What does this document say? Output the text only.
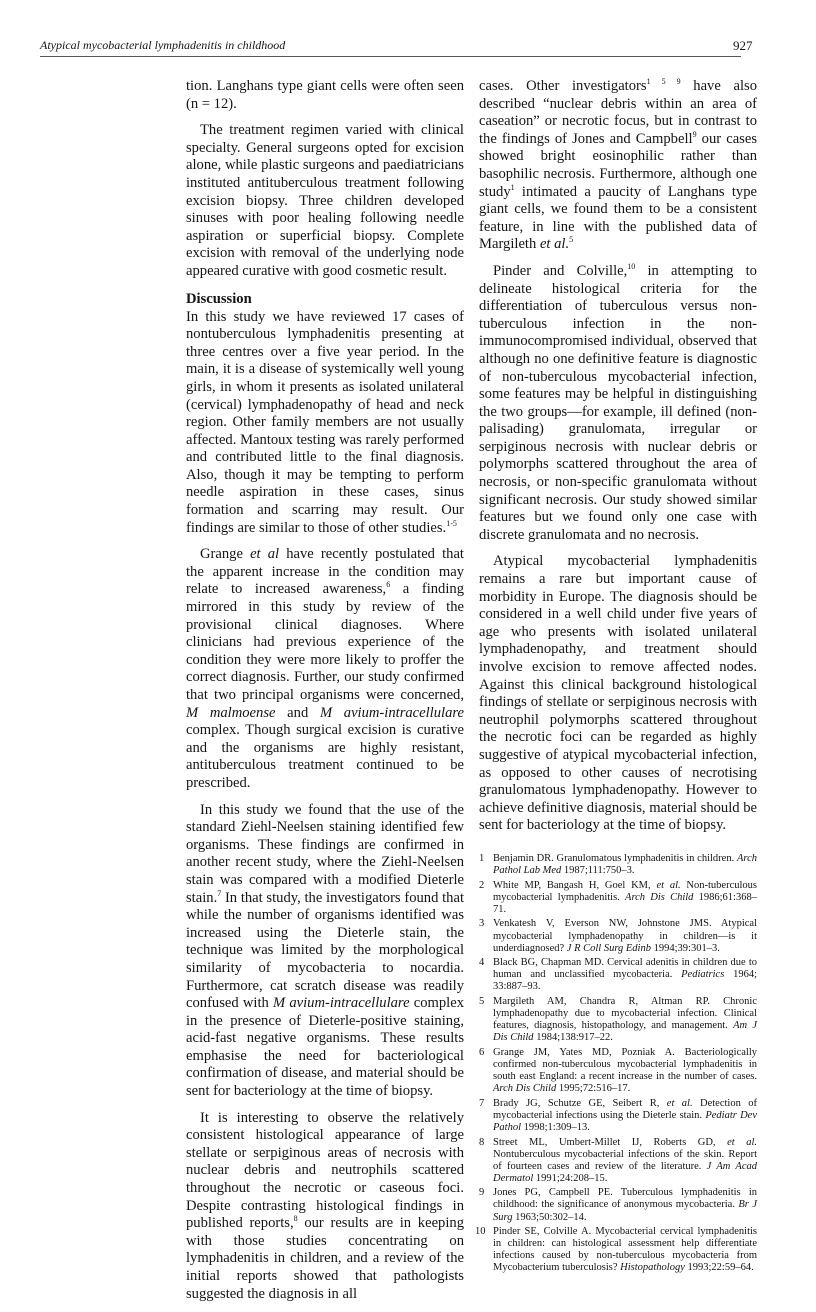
Atypical mycobacterial lymphadenitis in childhood	927

tion. Langhans type giant cells were often seen (n = 12).

The treatment regimen varied with clinical specialty. General surgeons opted for excision alone, while plastic surgeons and paediatricians instituted antituberculous treatment following excision biopsy. Three children developed sinuses with poor healing following needle aspiration or superficial biopsy. Complete excision with removal of the underlying node appeared curative with good cosmetic result.

Discussion

In this study we have reviewed 17 cases of nontuberculous lymphadenitis presenting at three centres over a five year period. In the main, it is a disease of systemically well young girls, in whom it presents as isolated unilateral (cervical) lymphadenopathy of head and neck region. Other family members are not usually affected. Mantoux testing was rarely performed and contributed little to the final diagnosis. Also, though it may be tempting to perform needle aspiration in these cases, sinus formation and scarring may result. Our findings are similar to those of other studies.$^{1-5}$

Grange et al have recently postulated that the apparent increase in the condition may relate to increased awareness,$^6$ a finding mirrored in this study by review of the provisional clinical diagnoses. Where clinicians had previous experience of the condition they were more likely to proffer the correct diagnosis. Further, our study confirmed that two principal organisms were concerned, M malmoense and M avium-intracellulare complex. Though surgical excision is curative and the organisms are highly resistant, antituberculous treatment continued to be prescribed.

In this study we found that the use of the standard Ziehl-Neelsen staining identified few organisms. These findings are confirmed in another recent study, where the Ziehl-Neelsen stain was compared with a modified Dieterle stain.$^7$ In that study, the investigators found that while the number of organisms identified was increased using the Dieterle stain, the technique was limited by the morphological similarity of mycobacteria to nocardia. Furthermore, cat scratch disease was readily confused with M avium-intracellulare complex in the presence of Dieterle-positive staining, acid-fast negative organisms. These results emphasise the need for bacteriological confirmation of disease, and material should be sent for bacteriology at the time of biopsy.

It is interesting to observe the relatively consistent histological appearance of large stellate or serpiginous areas of necrosis with nuclear debris and neutrophils scattered throughout the necrotic or caseous foci. Despite contrasting histological findings in published reports,$^8$ our results are in keeping with those studies concentrating on lymphadenitis in children, and a review of the initial reports showed that pathologists suggested the diagnosis in all

cases. Other investigators$^{1 5 9}$ have also described “nuclear debris within an area of caseation” or necrotic focus, but in contrast to the findings of Jones and Campbell$^9$ our cases showed bright eosinophilic rather than basophilic necrosis. Furthermore, although one study$^1$ intimated a paucity of Langhans type giant cells, we found them to be a consistent feature, in line with the published data of Margileth et al.$^5$

Pinder and Colville,$^{10}$ in attempting to delineate histological criteria for the differentiation of tuberculous versus non-tuberculous infection in the non-immunocompromised individual, observed that although no one definitive feature is diagnostic of non-tuberculous mycobacterial infection, some features may be helpful in distinguishing the two groups—for example, ill defined (non-palisading) granulomata, irregular or serpiginous necrosis with nuclear debris or polymorphs scattered throughout the area of necrosis, or non-specific granulomata without significant necrosis. Our study showed similar features but we found only one case with discrete granulomata and no necrosis.

Atypical mycobacterial lymphadenitis remains a rare but important cause of morbidity in Europe. The diagnosis should be considered in a well child under five years of age who presents with isolated unilateral lymphadenopathy, and treatment should involve excision to remove affected nodes. Against this clinical background histological findings of stellate or serpiginous necrosis with neutrophil polymorphs scattered throughout the necrotic foci can be regarded as highly suggestive of atypical mycobacterial infection, as opposed to other causes of necrotising granulomatous lymphadenopathy. However to achieve definitive diagnosis, material should be sent for bacteriology at the time of biopsy.

1 Benjamin DR. Granulomatous lymphadenitis in children. Arch Pathol Lab Med 1987;111:750–3.
2 White MP, Bangash H, Goel KM, et al. Non-tuberculous mycobacterial lymphadenitis. Arch Dis Child 1986;61:368–71.
3 Venkatesh V, Everson NW, Johnstone JMS. Atypical mycobacterial lymphadenopathy in children—is it underdiagnosed? J R Coll Surg Edinb 1994;39:301–3.
4 Black BG, Chapman MD. Cervical adenitis in children due to human and unclassified mycobacteria. Pediatrics 1964; 33:887–93.
5 Margileth AM, Chandra R, Altman RP. Chronic lymphadenopathy due to mycobacterial infection. Clinical features, diagnosis, histopathology, and management. Am J Dis Child 1984;138:917–22.
6 Grange JM, Yates MD, Pozniak A. Bacteriologically confirmed non-tuberculous mycobacterial lymphadenitis in south east England: a recent increase in the number of cases. Arch Dis Child 1995;72:516–17.
7 Brady JG, Schutze GE, Seibert R, et al. Detection of mycobacterial infections using the Dieterle stain. Pediatr Dev Pathol 1998;1:309–13.
8 Street ML, Umbert-Millet IJ, Roberts GD, et al. Nontuberculous mycobacterial infections of the skin. Report of fourteen cases and review of the literature. J Am Acad Dermatol 1991;24:208–15.
9 Jones PG, Campbell PE. Tuberculous lymphadenitis in childhood: the significance of anonymous mycobacteria. Br J Surg 1963;50:302–14.
10 Pinder SE, Colville A. Mycobacterial cervical lymphadenitis in children: can histological assessment help differentiate infections caused by non-tuberculous mycobacteria from Mycobacterium tuberculosis? Histopathology 1993;22:59–64.
